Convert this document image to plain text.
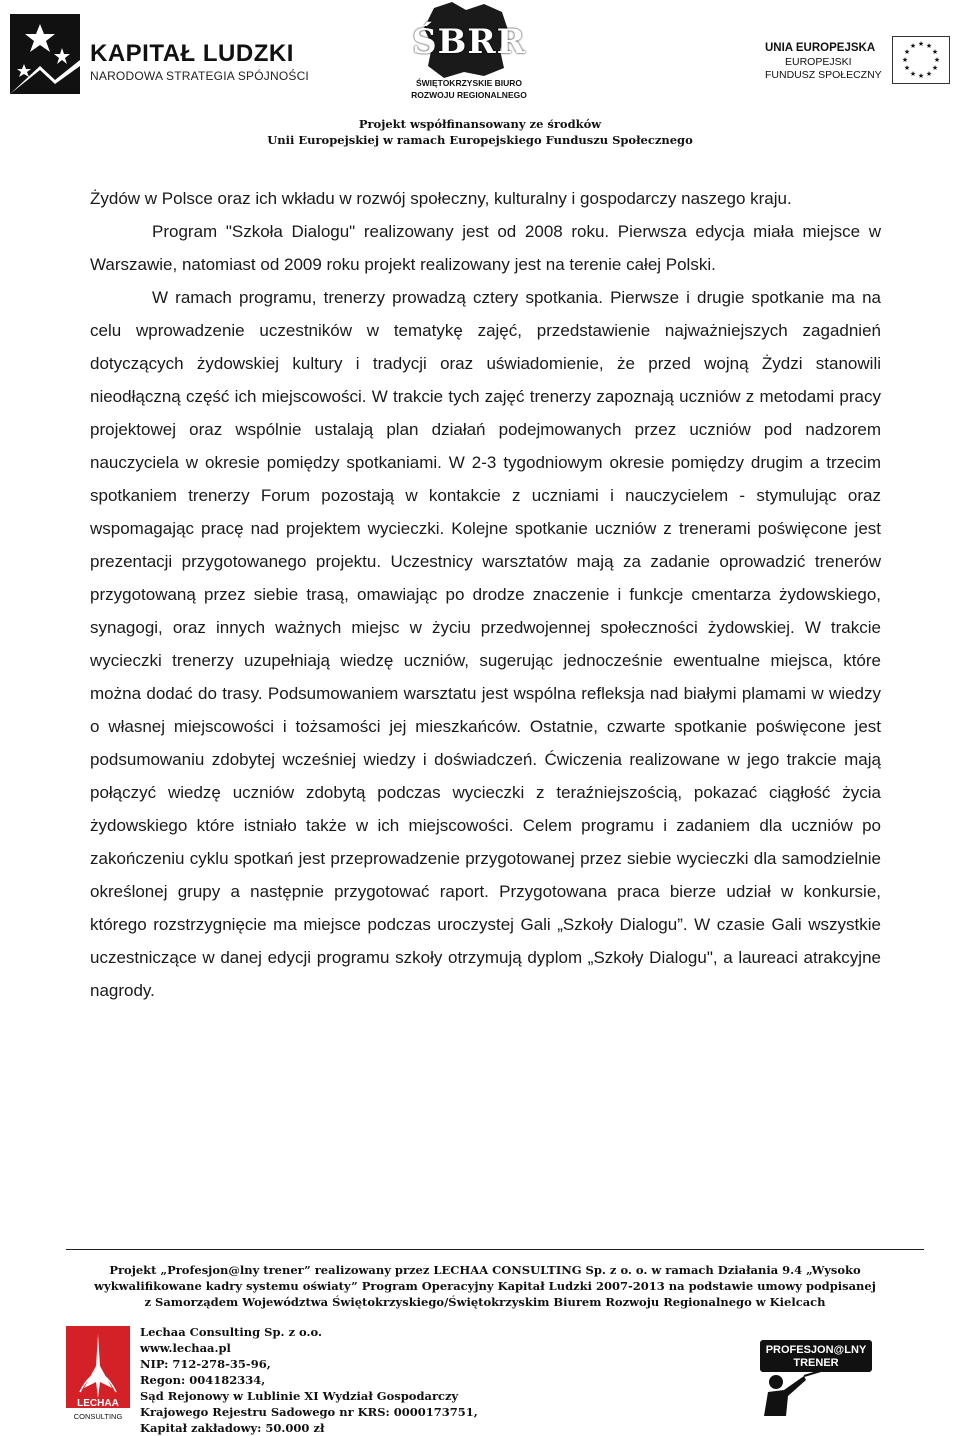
KAPITAŁ LUDZKI
NARODOWA STRATEGIA SPÓJNOŚCI
ŚBRR
ŚWIĘTOKRZYSKIE BIURO
ROZWOJU REGIONALNEGO
UNIA EUROPEJSKA
EUROPEJSKI
FUNDUSZ SPOŁECZNY
★ ★
★
★
★
★
★
★
★
★
★
★
Projekt współfinansowany ze środków
Unii Europejskiej w ramach Europejskiego Funduszu Społecznego

Żydów w Polsce oraz ich wkładu w rozwój społeczny, kulturalny i gospodarczy naszego kraju.

Program "Szkoła Dialogu" realizowany jest od 2008 roku. Pierwsza edycja miała miejsce w Warszawie, natomiast od 2009 roku projekt realizowany jest na terenie całej Polski.

W ramach programu, trenerzy prowadzą cztery spotkania. Pierwsze i drugie spotkanie ma na celu wprowadzenie uczestników w tematykę zajęć, przedstawienie najważniejszych zagadnień dotyczących żydowskiej kultury i tradycji oraz uświadomienie, że przed wojną Żydzi stanowili nieodłączną część ich miejscowości. W trakcie tych zajęć trenerzy zapoznają uczniów z metodami pracy projektowej oraz wspólnie ustalają plan działań podejmowanych przez uczniów pod nadzorem nauczyciela w okresie pomiędzy spotkaniami. W 2-3 tygodniowym okresie pomiędzy drugim a trzecim spotkaniem trenerzy Forum pozostają w kontakcie z uczniami i nauczycielem - stymulując oraz wspomagając pracę nad projektem wycieczki. Kolejne spotkanie uczniów z trenerami poświęcone jest prezentacji przygotowanego projektu. Uczestnicy warsztatów mają za zadanie oprowadzić trenerów przygotowaną przez siebie trasą, omawiając po drodze znaczenie i funkcje cmentarza żydowskiego, synagogi, oraz innych ważnych miejsc w życiu przedwojennej społeczności żydowskiej. W trakcie wycieczki trenerzy uzupełniają wiedzę uczniów, sugerując jednocześnie ewentualne miejsca, które można dodać do trasy. Podsumowaniem warsztatu jest wspólna refleksja nad białymi plamami w wiedzy o własnej miejscowości i tożsamości jej mieszkańców. Ostatnie, czwarte spotkanie poświęcone jest podsumowaniu zdobytej wcześniej wiedzy i doświadczeń. Ćwiczenia realizowane w jego trakcie mają połączyć wiedzę uczniów zdobytą podczas wycieczki z teraźniejszością, pokazać ciągłość życia żydowskiego które istniało także w ich miejscowości. Celem programu i zadaniem dla uczniów po zakończeniu cyklu spotkań jest przeprowadzenie przygotowanej przez siebie wycieczki dla samodzielnie określonej grupy a następnie przygotować raport. Przygotowana praca bierze udział w konkursie, którego rozstrzygnięcie ma miejsce podczas uroczystej Gali „Szkoły Dialogu”. W czasie Gali wszystkie uczestniczące w danej edycji programu szkoły otrzymują dyplom „Szkoły Dialogu", a laureaci atrakcyjne nagrody.

Projekt „Profesjon@lny trener” realizowany przez LECHAA CONSULTING Sp. z o. o. w ramach Działania 9.4 „Wysoko
wykwalifikowane kadry systemu oświaty” Program Operacyjny Kapitał Ludzki 2007-2013 na podstawie umowy podpisanej
z Samorządem Województwa Świętokrzyskiego/Świętokrzyskim Biurem Rozwoju Regionalnego w Kielcach
LECHAA
CONSULTING
Lechaa Consulting Sp. z o.o.
www.lechaa.pl
NIP: 712-278-35-96,
Regon: 004182334,
Sąd Rejonowy w Lublinie XI Wydział Gospodarczy
Krajowego Rejestru Sadowego nr KRS: 0000173751,
Kapitał zakładowy: 50.000 zł
PROFESJON@LNY
TRENER
